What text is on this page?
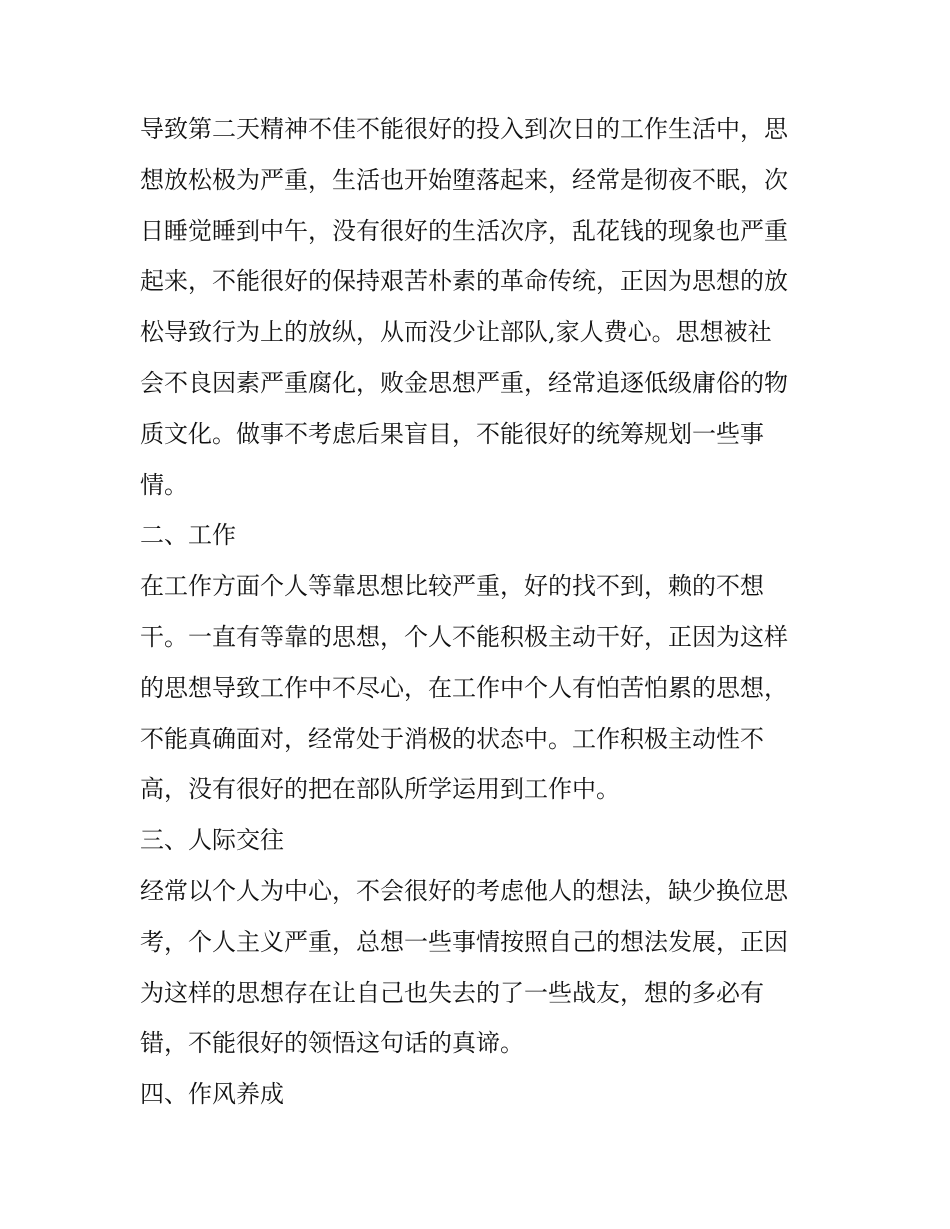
导致第二天精神不佳不能很好的投入到次日的工作生活中，思
想放松极为严重，生活也开始堕落起来，经常是彻夜不眠，次
日睡觉睡到中午，没有很好的生活次序，乱花钱的现象也严重
起来，不能很好的保持艰苦朴素的革命传统，正因为思想的放
松导致行为上的放纵，从而没少让部队,家人费心。思想被社
会不良因素严重腐化，败金思想严重，经常追逐低级庸俗的物
质文化。做事不考虑后果盲目，不能很好的统筹规划一些事
情。
二、工作
在工作方面个人等靠思想比较严重，好的找不到，赖的不想
干。一直有等靠的思想，个人不能积极主动干好，正因为这样
的思想导致工作中不尽心，在工作中个人有怕苦怕累的思想，
不能真确面对，经常处于消极的状态中。工作积极主动性不
高，没有很好的把在部队所学运用到工作中。
三、人际交往
经常以个人为中心，不会很好的考虑他人的想法，缺少换位思
考，个人主义严重，总想一些事情按照自己的想法发展，正因
为这样的思想存在让自己也失去的了一些战友，想的多必有
错，不能很好的领悟这句话的真谛。
四、作风养成
